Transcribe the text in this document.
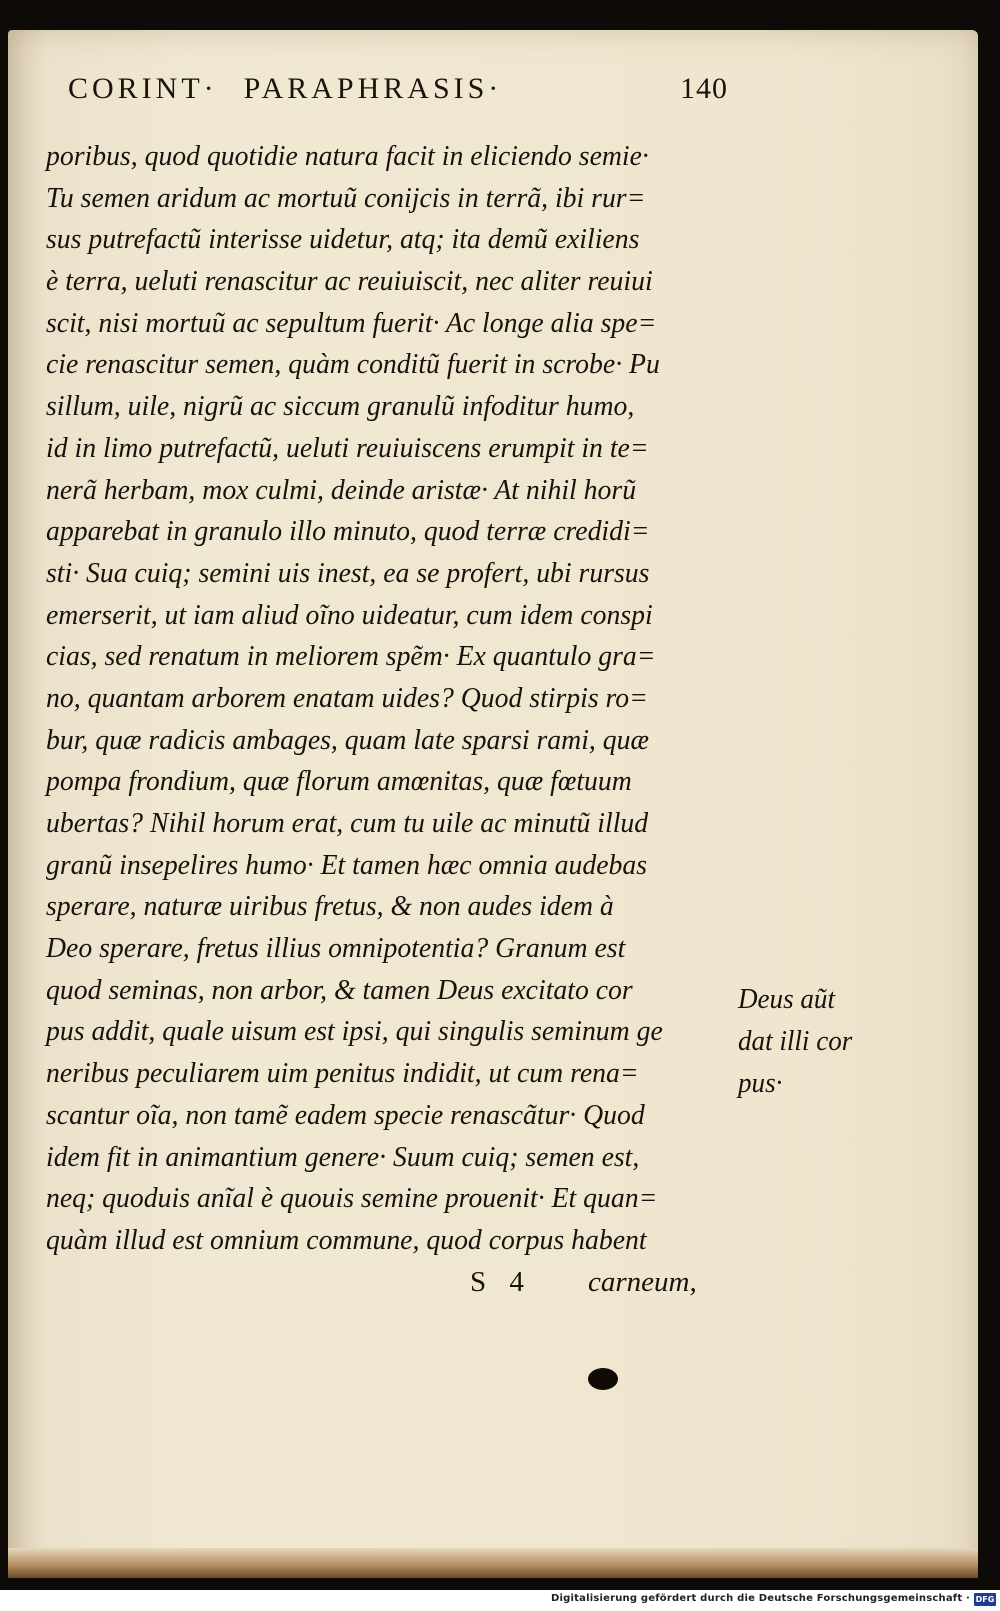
CORINT· PARAPHRASIS·	140
poribus, quod quotidie natura facit in eliciendo semie·
Tu semen aridum ac mortuũ conijcis in terrã, ibi rur=
sus putrefactũ interisse uidetur, atq; ita demũ exiliens
è terra, ueluti renascitur ac reuiuiscit, nec aliter reuiui
scit, nisi mortuũ ac sepultum fuerit· Ac longe alia spe=
cie renascitur semen, quàm conditũ fuerit in scrobe· Pu
sillum, uile, nigrũ ac siccum granulũ infoditur humo,
id in limo putrefactũ, ueluti reuiuiscens erumpit in te=
nerã herbam, mox culmi, deinde aristæ· At nihil horũ
apparebat in granulo illo minuto, quod terræ credidi=
sti· Sua cuiq; semini uis inest, ea se profert, ubi rursus
emerserit, ut iam aliud oĩno uideatur, cum idem conspi
cias, sed renatum in meliorem spẽm· Ex quantulo gra=
no, quantam arborem enatam uides? Quod stirpis ro=
bur, quæ radicis ambages, quam late sparsi rami, quæ
pompa frondium, quæ florum amœnitas, quæ fœtuum
ubertas? Nihil horum erat, cum tu uile ac minutũ illud
granũ insepelires humo· Et tamen hæc omnia audebas
sperare, naturæ uiribus fretus, & non audes idem à
Deo sperare, fretus illius omnipotentia? Granum est
quod seminas, non arbor, & tamen Deus excitato cor
pus addit, quale uisum est ipsi, qui singulis seminum ge
neribus peculiarem uim penitus indidit, ut cum rena=
scantur oĩa, non tamẽ eadem specie renascãtur· Quod
idem fit in animantium genere· Suum cuiq; semen est,
neq; quoduis anĩal è quouis semine prouenit· Et quan=
quàm illud est omnium commune, quod corpus habent
Deus aũt
dat illi cor
pus·
S 4 carneum,
Digitalisierung gefördert durch die Deutsche Forschungsgemeinschaft · DFG
